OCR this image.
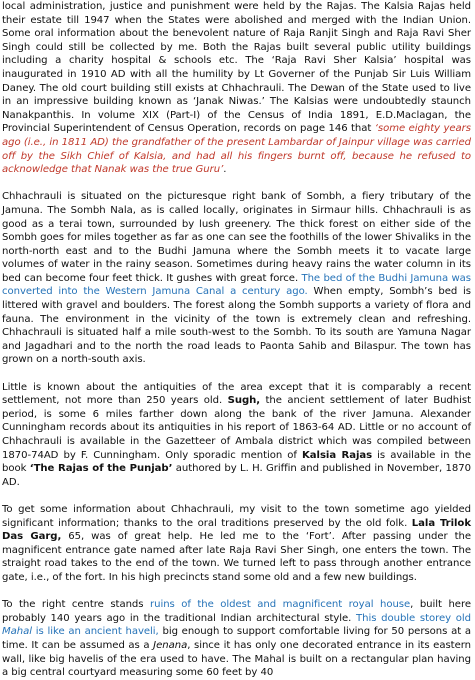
local administration, justice and punishment were held by the Rajas. The Kalsia Rajas held their estate till 1947 when the States were abolished and merged with the Indian Union. Some oral information about the benevolent nature of Raja Ranjit Singh and Raja Ravi Sher Singh could still be collected by me. Both the Rajas built several public utility buildings including a charity hospital & schools etc. The ‘Raja Ravi Sher Kalsia’ hospital was inaugurated in 1910 AD with all the humility by Lt Governer of the Punjab Sir Luis William Daney. The old court building still exists at Chhachrauli. The Dewan of the State used to live in an impressive building known as ‘Janak Niwas.’ The Kalsias were undoubtedly staunch Nanakpanthis. In volume XIX (Part-I) of the Census of India 1891, E.D.Maclagan, the Provincial Superintendent of Census Operation, records on page 146 that ‘some eighty years ago (i.e., in 1811 AD) the grandfather of the present Lambardar of Jainpur village was carried off by the Sikh Chief of Kalsia, and had all his fingers burnt off, because he refused to acknowledge that Nanak was the true Guru’.

Chhachrauli is situated on the picturesque right bank of Sombh, a fiery tributary of the Jamuna. The Sombh Nala, as is called locally, originates in Sirmaur hills. Chhachrauli is as good as a terai town, surrounded by lush greenery. The thick forest on either side of the Sombh goes for miles together as far as one can see the foothills of the lower Shivaliks in the north-north east and to the Budhi Jamuna where the Sombh meets it to vacate large volumes of water in the rainy season. Sometimes during heavy rains the water column in its bed can become four feet thick. It gushes with great force. The bed of the Budhi Jamuna was converted into the Western Jamuna Canal a century ago. When empty, Sombh’s bed is littered with gravel and boulders. The forest along the Sombh supports a variety of flora and fauna. The environment in the vicinity of the town is extremely clean and refreshing. Chhachrauli is situated half a mile south-west to the Sombh. To its south are Yamuna Nagar and Jagadhari and to the north the road leads to Paonta Sahib and Bilaspur. The town has grown on a north-south axis.

Little is known about the antiquities of the area except that it is comparably a recent settlement, not more than 250 years old. Sugh, the ancient settlement of later Budhist period, is some 6 miles farther down along the bank of the river Jamuna. Alexander Cunningham records about its antiquities in his report of 1863-64 AD. Little or no account of Chhachrauli is available in the Gazetteer of Ambala district which was compiled between 1870-74AD by F. Cunningham. Only sporadic mention of Kalsia Rajas is available in the book ‘The Rajas of the Punjab’ authored by L. H. Griffin and published in November, 1870 AD.

To get some information about Chhachrauli, my visit to the town sometime ago yielded significant information; thanks to the oral traditions preserved by the old folk. Lala Trilok Das Garg, 65, was of great help. He led me to the ‘Fort’. After passing under the magnificent entrance gate named after late Raja Ravi Sher Singh, one enters the town. The straight road takes to the end of the town. We turned left to pass through another entrance gate, i.e., of the fort. In his high precincts stand some old and a few new buildings.

To the right centre stands ruins of the oldest and magnificent royal house, built here probably 140 years ago in the traditional Indian architectural style. This double storey old Mahal is like an ancient haveli, big enough to support comfortable living for 50 persons at a time. It can be assumed as a Jenana, since it has only one decorated entrance in its eastern wall, like big havelis of the era used to have. The Mahal is built on a rectangular plan having a big central courtyard measuring some 60 feet by 40
